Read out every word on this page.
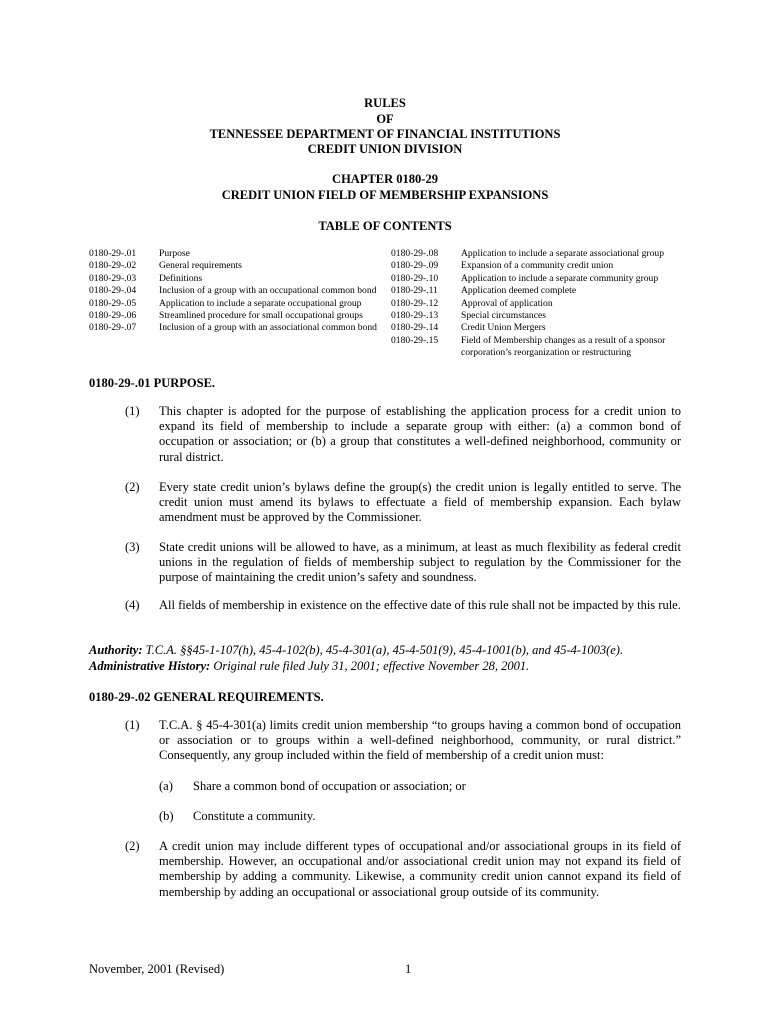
RULES
OF
TENNESSEE DEPARTMENT OF FINANCIAL INSTITUTIONS
CREDIT UNION DIVISION
CHAPTER 0180-29
CREDIT UNION FIELD OF MEMBERSHIP EXPANSIONS
TABLE OF CONTENTS
0180-29-.01	Purpose
0180-29-.02	General requirements
0180-29-.03	Definitions
0180-29-.04	Inclusion of a group with an occupational common bond
0180-29-.05	Application to include a separate occupational group
0180-29-.06	Streamlined procedure for small occupational groups
0180-29-.07	Inclusion of a group with an associational common bond
0180-29-.08	Application to include a separate associational group
0180-29-.09	Expansion of a community credit union
0180-29-.10	Application to include a separate community group
0180-29-.11	Application deemed complete
0180-29-.12	Approval of application
0180-29-.13	Special circumstances
0180-29-.14	Credit Union Mergers
0180-29-.15	Field of Membership changes as a result of a sponsor corporation’s reorganization or restructuring
0180-29-.01 PURPOSE.
(1) This chapter is adopted for the purpose of establishing the application process for a credit union to expand its field of membership to include a separate group with either: (a) a common bond of occupation or association; or (b) a group that constitutes a well-defined neighborhood, community or rural district.
(2) Every state credit union’s bylaws define the group(s) the credit union is legally entitled to serve. The credit union must amend its bylaws to effectuate a field of membership expansion. Each bylaw amendment must be approved by the Commissioner.
(3) State credit unions will be allowed to have, as a minimum, at least as much flexibility as federal credit unions in the regulation of fields of membership subject to regulation by the Commissioner for the purpose of maintaining the credit union’s safety and soundness.
(4) All fields of membership in existence on the effective date of this rule shall not be impacted by this rule.
Authority: T.C.A. §§45-1-107(h), 45-4-102(b), 45-4-301(a), 45-4-501(9), 45-4-1001(b), and 45-4-1003(e).
Administrative History: Original rule filed July 31, 2001; effective November 28, 2001.
0180-29-.02 GENERAL REQUIREMENTS.
(1) T.C.A. § 45-4-301(a) limits credit union membership “to groups having a common bond of occupation or association or to groups within a well-defined neighborhood, community, or rural district.” Consequently, any group included within the field of membership of a credit union must:
(a) Share a common bond of occupation or association; or
(b) Constitute a community.
(2) A credit union may include different types of occupational and/or associational groups in its field of membership. However, an occupational and/or associational credit union may not expand its field of membership by adding a community. Likewise, a community credit union cannot expand its field of membership by adding an occupational or associational group outside of its community.
November, 2001 (Revised)	1
